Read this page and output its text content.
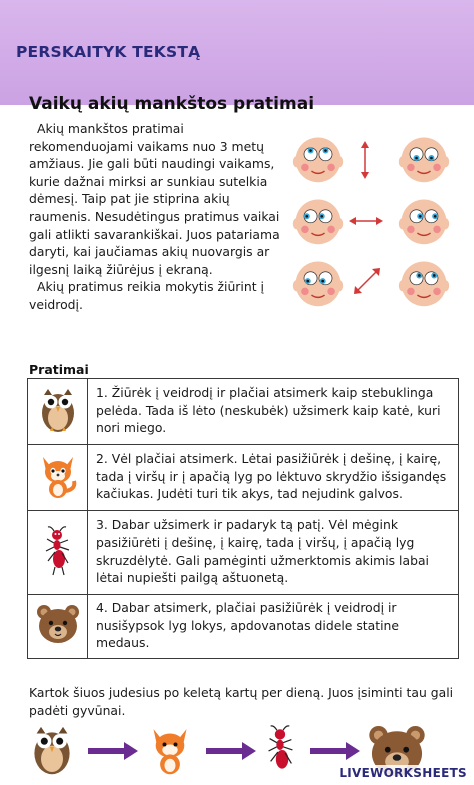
PERSKAITYK TEKSTĄ
Vaikų akių mankštos pratimai

Akių mankštos pratimai rekomenduojami vaikams nuo 3 metų amžiaus. Jie gali būti naudingi vaikams, kurie dažnai mirksi ar sunkiau sutelkia dėmesį. Taip pat jie stiprina akių raumenis. Nesudėtingus pratimus vaikai gali atlikti savarankiškai. Juos patariama daryti, kai jaučiamas akių nuovargis ar ilgesnį laiką žiūrėjus į ekraną.

Akių pratimus reikia mokytis žiūrint į veidrodį.

Pratimai
	1. Žiūrėk į veidrodį ir plačiai atsimerk kaip stebuklinga pelėda. Tada iš lėto (neskubėk) užsimerk kaip katė, kuri nori miego.
	2. Vėl plačiai atsimerk. Lėtai pasižiūrėk į dešinę, į kairę, tada į viršų ir į apačią lyg po lėktuvo skrydžio išsigandęs kačiukas. Judėti turi tik akys, tad nejudink galvos.
	3. Dabar užsimerk ir padaryk tą patį. Vėl mėgink pasižiūrėti į dešinę, į kairę, tada į viršų, į apačią lyg skruzdėlytė. Gali pamėginti užmerktomis akimis labai lėtai nupiešti pailgą aštuonetą.
	4. Dabar atsimerk, plačiai pasižiūrėk į veidrodį ir nusišypsok lyg lokys, apdovanotas didele statine medaus.
Kartok šiuos judesius po keletą kartų per dieną. Juos įsiminti tau gali padėti gyvūnai.
LIVEWORKSHEETS
